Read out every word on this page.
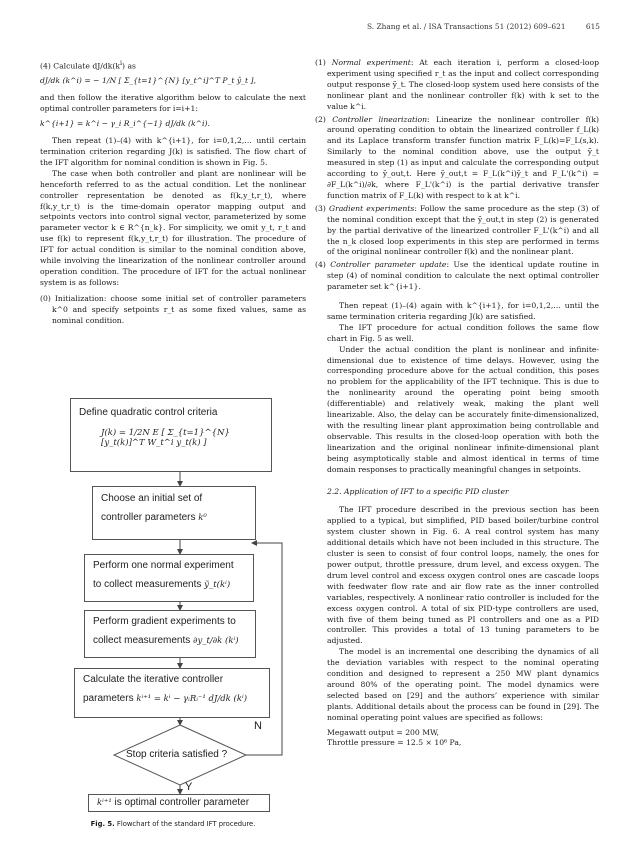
S. Zhang et al. / ISA Transactions 51 (2012) 609–621	615

(4) Calculate $dJ/dk(k^i)$ as

dJ/dk (k^i) = − 1/N [ Σ_{t=1}^{N} [y_t^i]^T P_t ŷ_t ],

and then follow the iterative algorithm below to calculate the next optimal controller parameters for i=i+1:

k^{i+1} = k^i − γ_i R_i^{−1} dJ/dk (k^i).

Then repeat (1)–(4) with k^{i+1}, for i=0,1,2,… until certain termination criterion regarding J(k) is satisfied. The flow chart of the IFT algorithm for nominal condition is shown in Fig. 5.

The case when both controller and plant are nonlinear will be henceforth referred to as the actual condition. Let the nonlinear controller representation be denoted as f(k,y_t,r_t), where f(k,y_t,r_t) is the time-domain operator mapping output and setpoints vectors into control signal vector, parameterized by some parameter vector k ∈ R^{n_k}. For simplicity, we omit y_t, r_t and use f(k) to represent f(k,y_t,r_t) for illustration. The procedure of IFT for actual condition is similar to the nominal condition above, while involving the linearization of the nonlinear controller around operation condition. The procedure of IFT for the actual nonlinear system is as follows:

(0) Initialization: choose some initial set of controller parameters k^0 and specify setpoints r_t as some fixed values, same as nominal condition.

Define quadratic control criteria
J(k) = 1/2N E [ Σ_{t=1}^{N} [y_t(k)]^T W_t^i y_t(k) ]
Choose an initial set of
controller parameters k⁰
Perform one normal experiment
to collect measurements ỹ_t(kⁱ)
Perform gradient experiments to
collect measurements ∂y_t/∂k (kⁱ)
Calculate the iterative controller
parameters kⁱ⁺¹ = kⁱ − γᵢRᵢ⁻¹ dJ/dk (kⁱ)
Stop criteria satisfied ?
N
Y
kⁱ⁺¹ is optimal controller parameter
Fig. 5. Flowchart of the standard IFT procedure.
(1) Normal experiment: At each iteration i, perform a closed-loop experiment using specified r_t as the input and collect corresponding output response ỹ_t. The closed-loop system used here consists of the nonlinear plant and the nonlinear controller f(k) with k set to the value k^i.
(2) Controller linearization: Linearize the nonlinear controller f(k) around operating condition to obtain the linearized controller f_L(k) and its Laplace transform transfer function matrix F_L(k)=F_L(s,k). Similarly to the nominal condition above, use the output ỹ_t measured in step (1) as input and calculate the corresponding output according to ỹ_out,t. Here ỹ_out,t = F_L(k^i)ỹ_t and F_L'(k^i) = ∂F_L(k^i)/∂k, where F_L'(k^i) is the partial derivative transfer function matrix of F_L(k) with respect to k at k^i.
(3) Gradient experiments: Follow the same procedure as the step (3) of the nominal condition except that the ỹ_out,t in step (2) is generated by the partial derivative of the linearized controller F_L'(k^i) and all the n_k closed loop experiments in this step are performed in terms of the original nonlinear controller f(k) and the nonlinear plant.
(4) Controller parameter update: Use the identical update routine in step (4) of nominal condition to calculate the next optimal controller parameter set k^{i+1}.

Then repeat (1)–(4) again with k^{i+1}, for i=0,1,2,… until the same termination criteria regarding J(k) are satisfied.

The IFT procedure for actual condition follows the same flow chart in Fig. 5 as well.

Under the actual condition the plant is nonlinear and infinite-dimensional due to existence of time delays. However, using the corresponding procedure above for the actual condition, this poses no problem for the applicability of the IFT technique. This is due to the nonlinearity around the operating point being smooth (differentiable) and relatively weak, making the plant well linearizable. Also, the delay can be accurately finite-dimensionalized, with the resulting linear plant approximation being controllable and observable. This results in the closed-loop operation with both the linearization and the original nonlinear infinite-dimensional plant being asymptotically stable and almost identical in terms of time domain responses to practically meaningful changes in setpoints.

2.2. Application of IFT to a specific PID cluster

The IFT procedure described in the previous section has been applied to a typical, but simplified, PID based boiler/turbine control system cluster shown in Fig. 6. A real control system has many additional details which have not been included in this structure. The cluster is seen to consist of four control loops, namely, the ones for power output, throttle pressure, drum level, and excess oxygen. The drum level control and excess oxygen control ones are cascade loops with feedwater flow rate and air flow rate as the inner controlled variables, respectively. A nonlinear ratio controller is included for the excess oxygen control. A total of six PID-type controllers are used, with five of them being tuned as PI controllers and one as a PID controller. This provides a total of 13 tuning parameters to be adjusted.

The model is an incremental one describing the dynamics of all the deviation variables with respect to the nominal operating condition and designed to represent a 250 MW plant dynamics around 80% of the operating point. The model dynamics were selected based on [29] and the authors’ experience with similar plants. Additional details about the process can be found in [29]. The nominal operating point values are specified as follows:

Megawatt output = 200 MW,

Throttle pressure = 12.5 × 10⁶ Pa,
